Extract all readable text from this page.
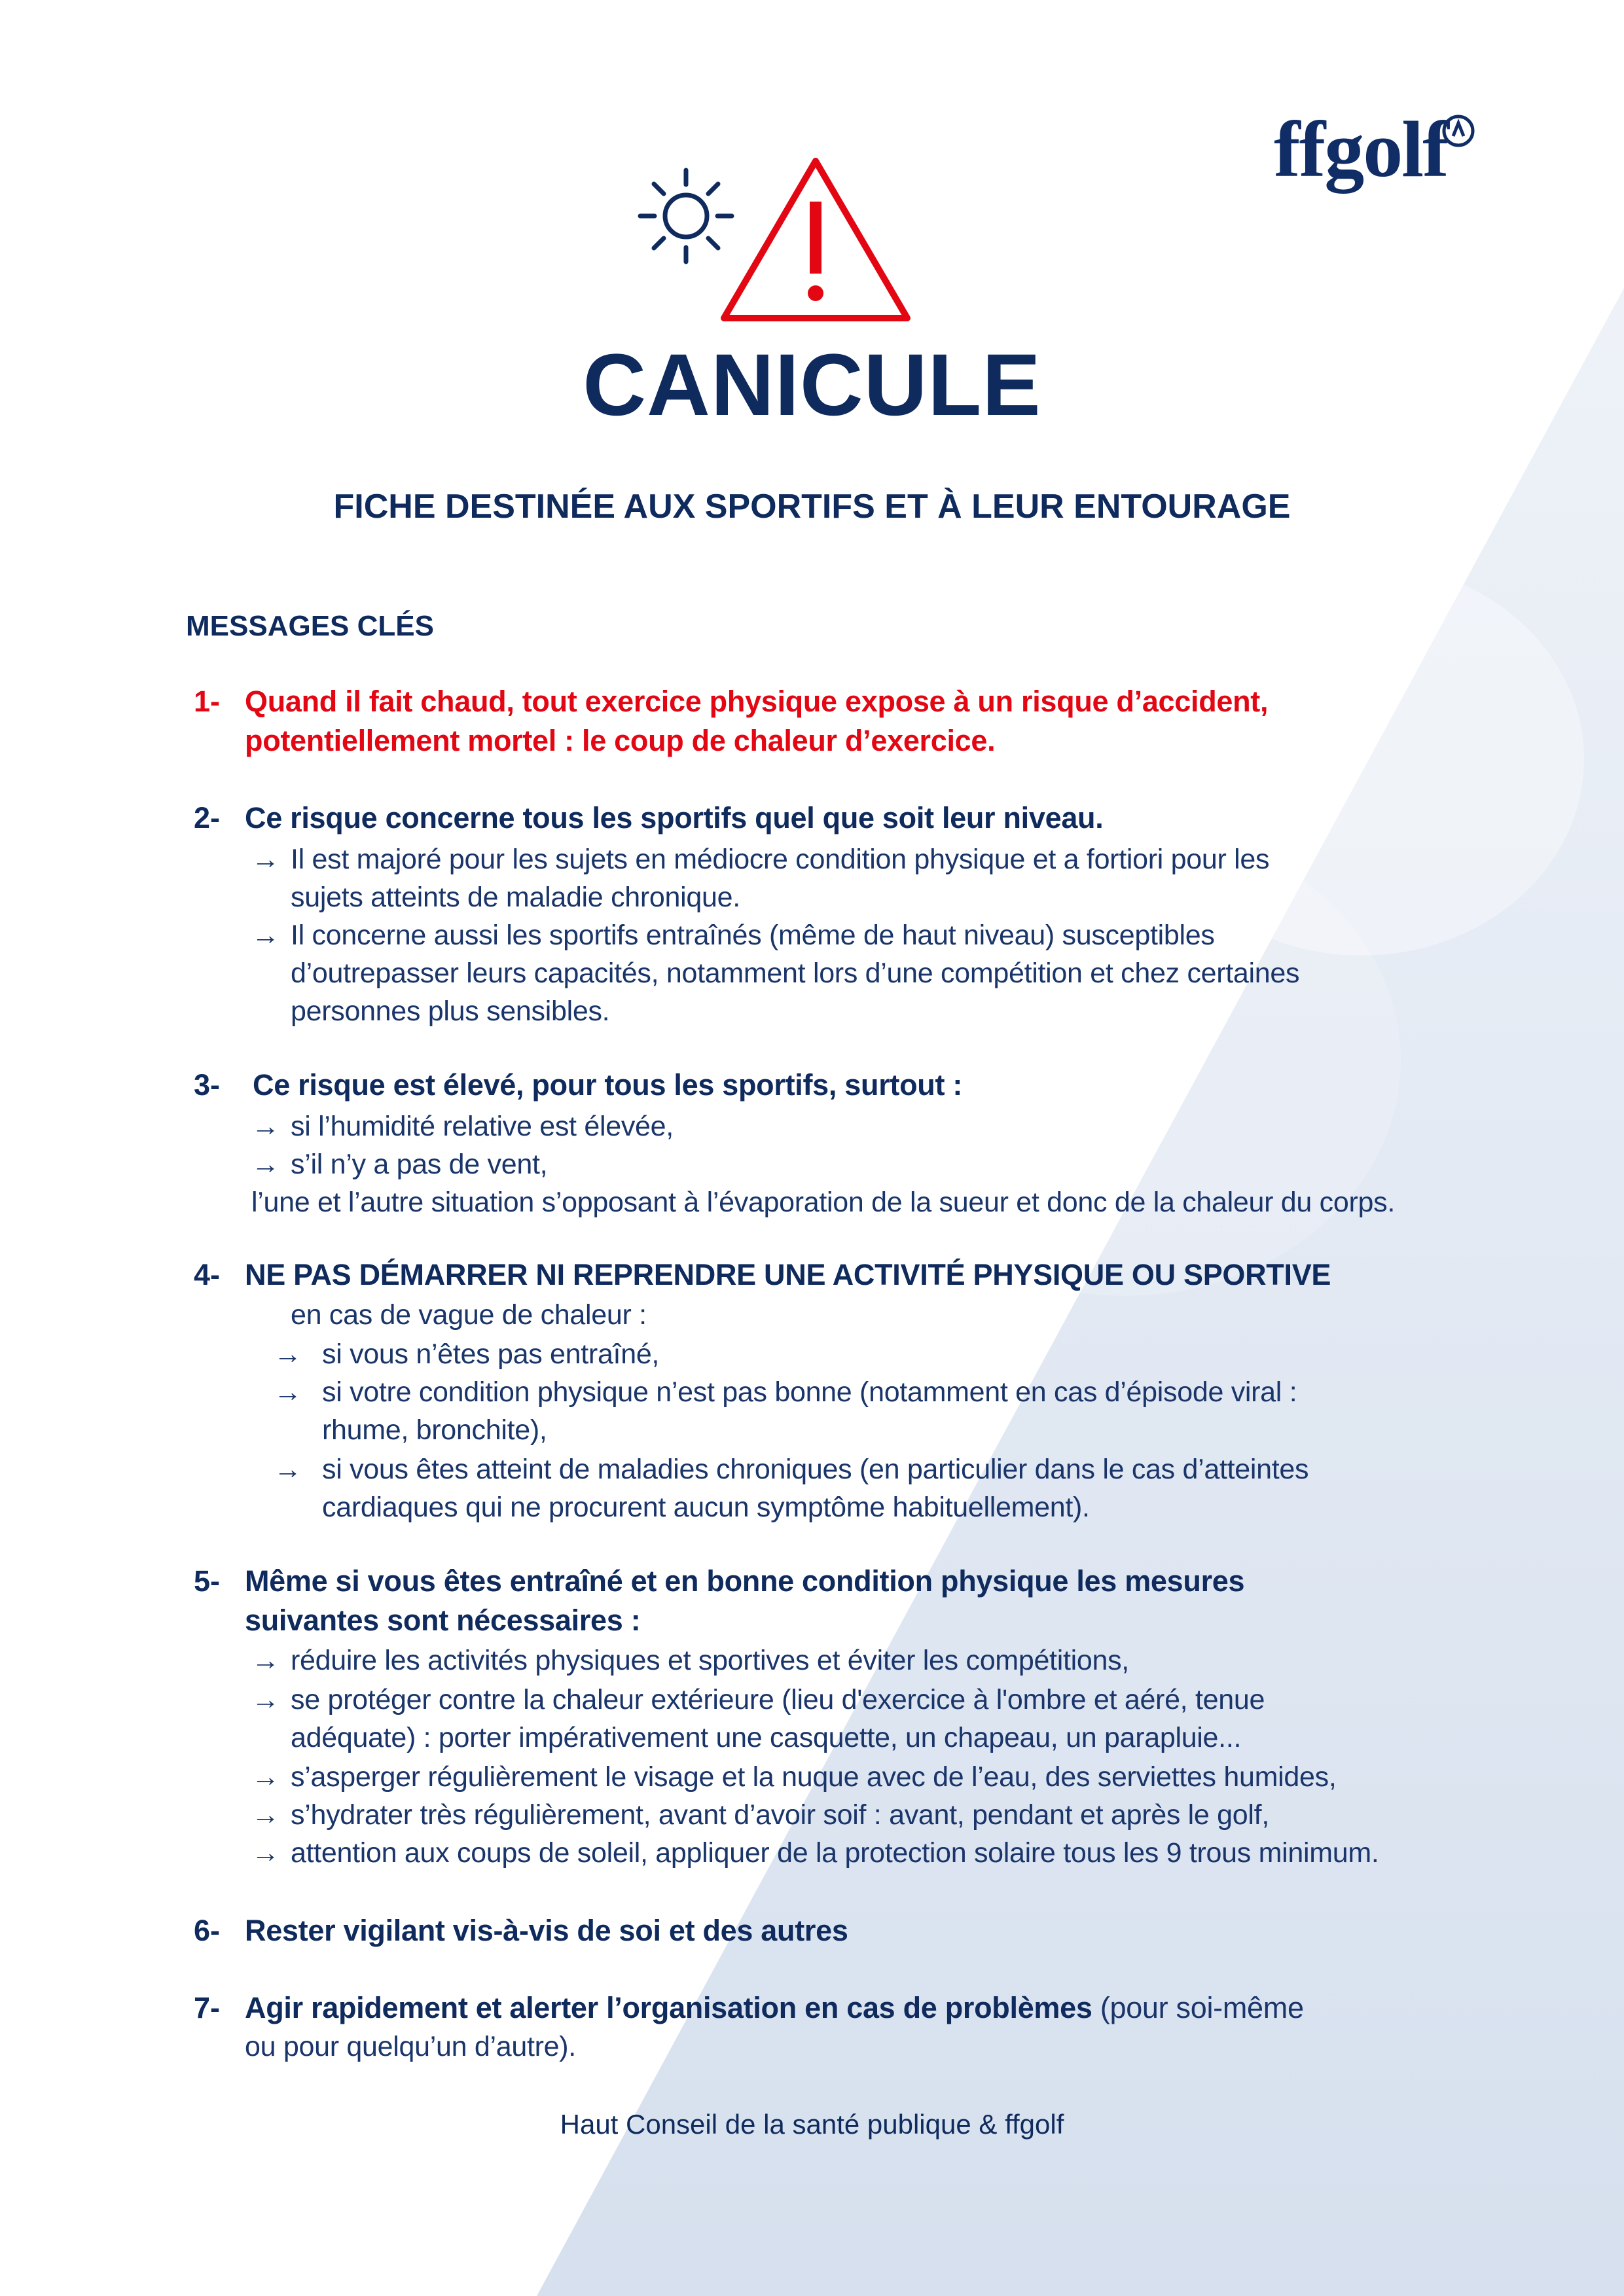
ffgolf
CANICULE
FICHE DESTINÉE AUX SPORTIFS ET À LEUR ENTOURAGE
MESSAGES CLÉS
1- Quand il fait chaud, tout exercice physique expose à un risque d’accident,
potentiellement mortel : le coup de chaleur d’exercice.
2- Ce risque concerne tous les sportifs quel que soit leur niveau.
→ Il est majoré pour les sujets en médiocre condition physique et a fortiori pour les
sujets atteints de maladie chronique.
→ Il concerne aussi les sportifs entraînés (même de haut niveau) susceptibles
d’outrepasser leurs capacités, notamment lors d’une compétition et chez certaines
personnes plus sensibles.
3- Ce risque est élevé, pour tous les sportifs, surtout :
→ si l’humidité relative est élevée,
→ s’il n’y a pas de vent,
l’une et l’autre situation s’opposant à l’évaporation de la sueur et donc de la chaleur du corps.
4- NE PAS DÉMARRER NI REPRENDRE UNE ACTIVITÉ PHYSIQUE OU SPORTIVE
en cas de vague de chaleur :
→ si vous n’êtes pas entraîné,
→ si votre condition physique n’est pas bonne (notamment en cas d’épisode viral :
rhume, bronchite),
→ si vous êtes atteint de maladies chroniques (en particulier dans le cas d’atteintes
cardiaques qui ne procurent aucun symptôme habituellement).
5- Même si vous êtes entraîné et en bonne condition physique les mesures
suivantes sont nécessaires :
→ réduire les activités physiques et sportives et éviter les compétitions,
→ se protéger contre la chaleur extérieure (lieu d'exercice à l'ombre et aéré, tenue
adéquate) : porter impérativement une casquette, un chapeau, un parapluie...
→ s’asperger régulièrement le visage et la nuque avec de l’eau, des serviettes humides,
→ s’hydrater très régulièrement, avant d’avoir soif : avant, pendant et après le golf,
→ attention aux coups de soleil, appliquer de la protection solaire tous les 9 trous minimum.
6- Rester vigilant vis-à-vis de soi et des autres
7- Agir rapidement et alerter l’organisation en cas de problèmes (pour soi-même
ou pour quelqu’un d’autre).
Haut Conseil de la santé publique & ffgolf
